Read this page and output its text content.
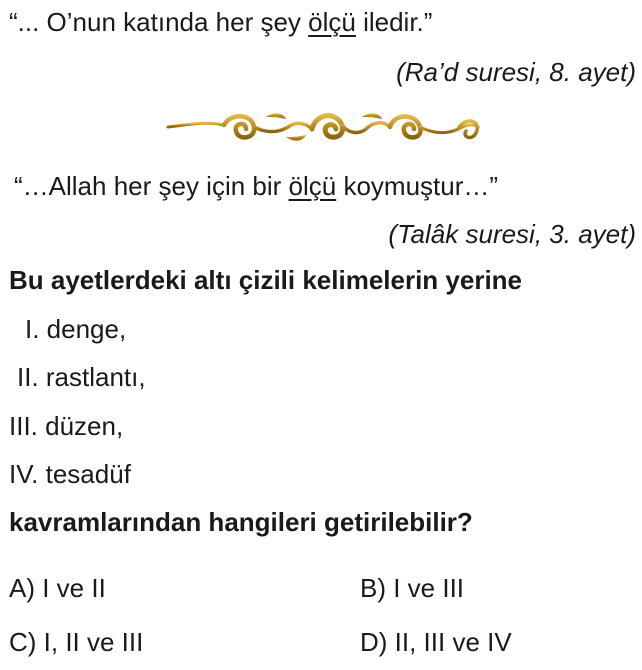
“... O’nun katında her şey ölçü iledir.”
(Ra’d suresi, 8. ayet)
“…Allah her şey için bir ölçü koymuştur…”
(Talâk suresi, 3. ayet)
Bu ayetlerdeki altı çizili kelimelerin yerine
I. denge,
II. rastlantı,
III. düzen,
IV. tesadüf
kavramlarından hangileri getirilebilir?
A) I ve II	B) I ve III
C) I, II ve III	D) II, III ve IV
